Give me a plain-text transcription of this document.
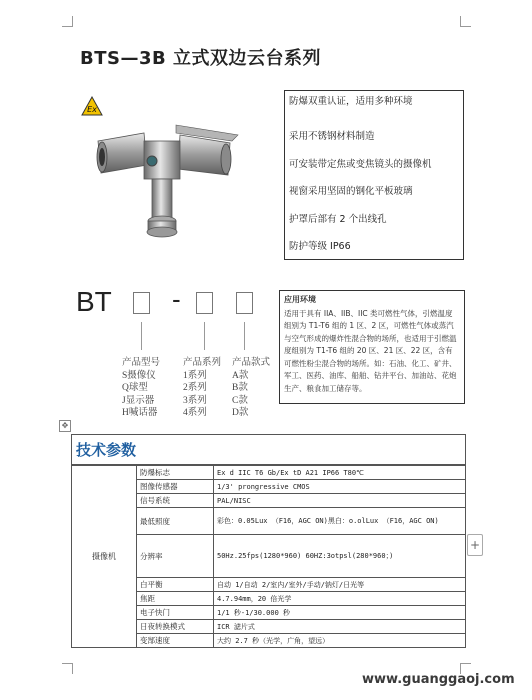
BTS—3B 立式双边云台系列
Ex
防爆双重认证，适用多种环境
采用不锈钢材料制造
可安装带定焦或变焦镜头的摄像机
视窗采用坚固的钢化平板玻璃
护罩后部有 2 个出线孔
防护等级 IP66
BT -
产品型号
S摄像仪
Q球型
J显示器
H喊话器
产品系列
1系列
2系列
3系列
4系列
产品款式
A款
B款
C款
D款
应用环境
适用于具有 IIA、IIB、IIC 类可燃性气体，引燃温度组别为 T1-T6 组的 1 区、2 区，可燃性气体或蒸汽与空气形成的爆炸性混合物的场所，也适用于引燃温度组别为 T1-T6 组的 20 区、21 区、22 区，含有可燃性粉尘混合物的场所。如：石油、化工、矿井、军工、医药、油库、船舶、钻井平台、加油站、花炮生产、粮食加工储存等。
✥
技术参数		
摄像机	防爆标志	Ex d IIC T6 Gb/Ex tD A21 IP66 T80℃
	图像传感器	1/3' prongressive CMOS
	信号系统	PAL/NISC
	最低照度	彩色：0.05Lux （F16，AGC ON)黑白：o.olLux （F16，AGC ON)
	分辨率	50Hz.25fps(1280*960) 60HZ:3otpsl(280*960；)
	白平衡	自动 1/自动 2/室内/室外/手动/钠灯/日光等
	焦距	4.7.94mm，20 倍光学
	电子快门	1/1 秒-1/30.000 秒
	日夜转换模式	ICR 滤片式
	变郜速度	大约 2.7 秒（光学，广角，望远）
+
www.guanggaoj.com
